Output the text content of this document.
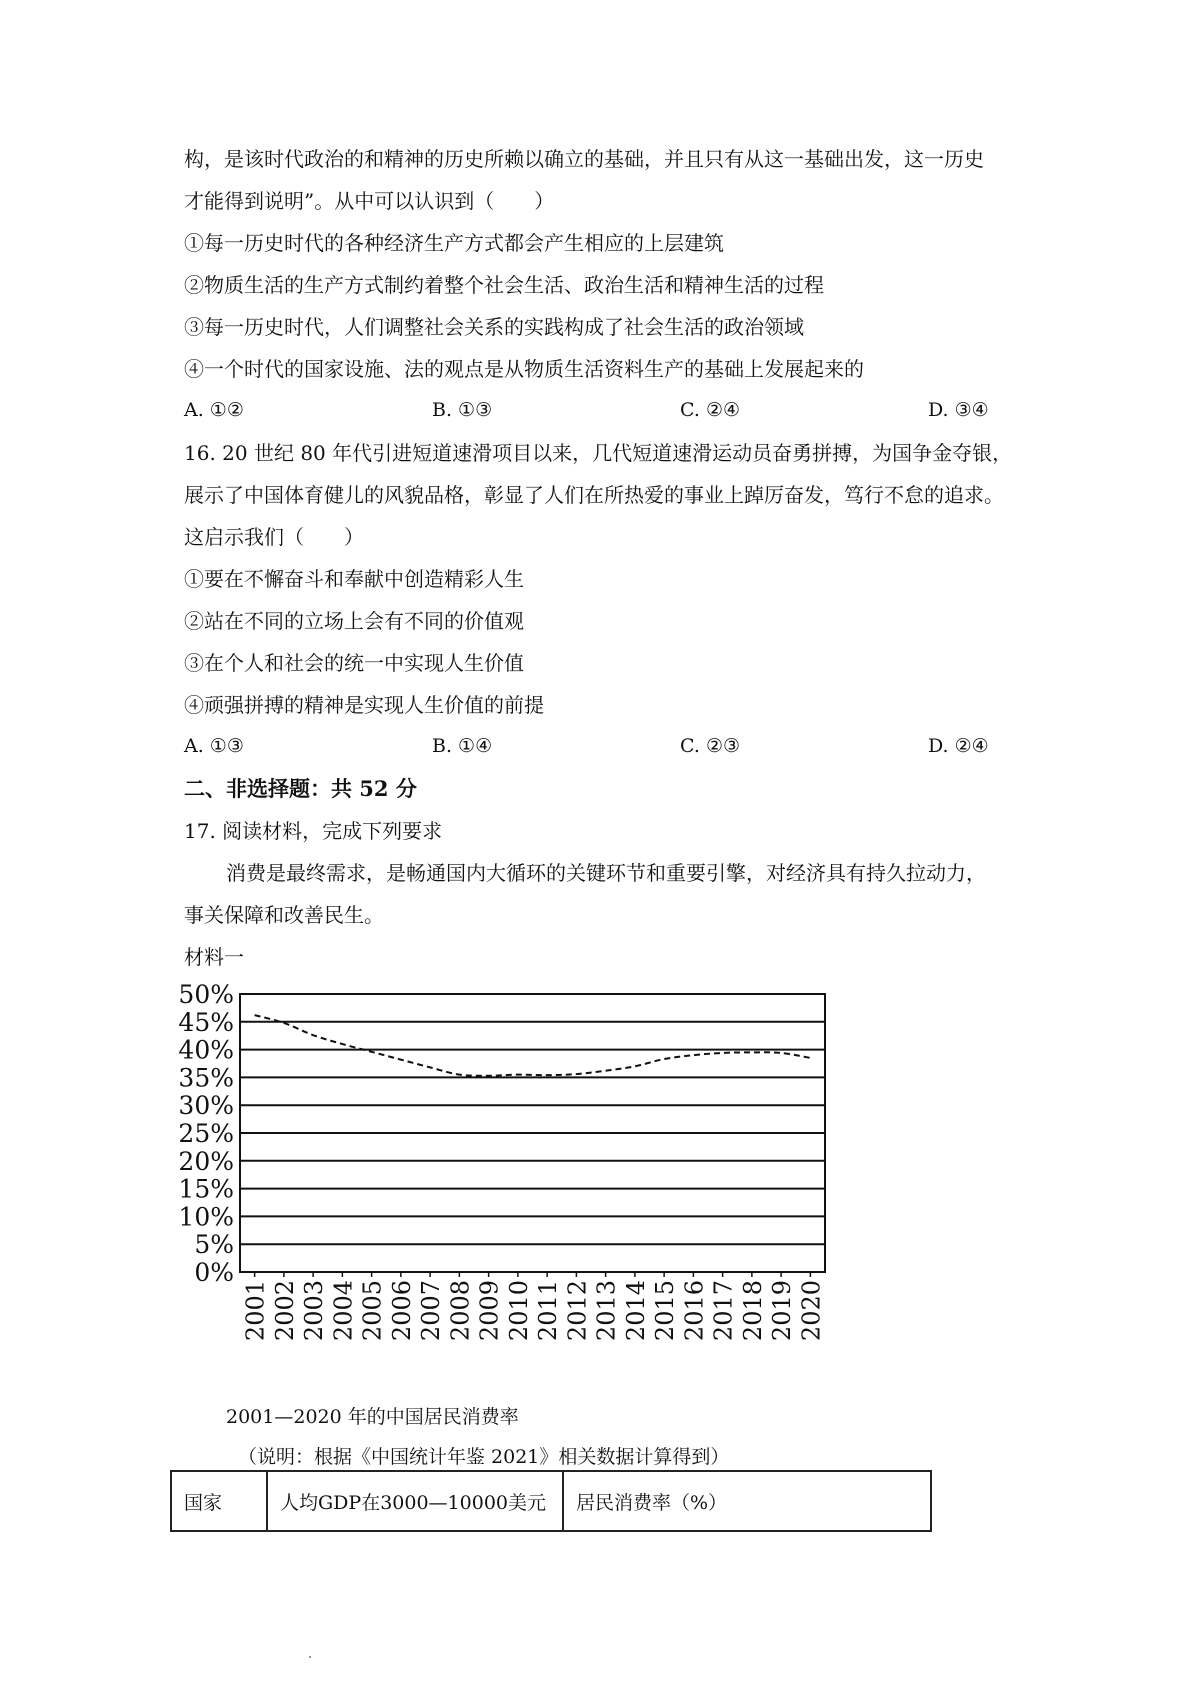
构，是该时代政治的和精神的历史所赖以确立的基础，并且只有从这一基础出发，这一历史
才能得到说明”。从中可以认识到（　　）
①每一历史时代的各种经济生产方式都会产生相应的上层建筑
②物质生活的生产方式制约着整个社会生活、政治生活和精神生活的过程
③每一历史时代，人们调整社会关系的实践构成了社会生活的政治领域
④一个时代的国家设施、法的观点是从物质生活资料生产的基础上发展起来的
A. ①②	B. ①③	C. ②④	D. ③④
16. 20 世纪 80 年代引进短道速滑项目以来，几代短道速滑运动员奋勇拼搏，为国争金夺银，
展示了中国体育健儿的风貌品格，彰显了人们在所热爱的事业上踔厉奋发，笃行不怠的追求。
这启示我们（　　）
①要在不懈奋斗和奉献中创造精彩人生
②站在不同的立场上会有不同的价值观
③在个人和社会的统一中实现人生价值
④顽强拼搏的精神是实现人生价值的前提
A. ①③	B. ①④	C. ②③	D. ②④
二、非选择题：共 52 分
17. 阅读材料，完成下列要求
消费是最终需求，是畅通国内大循环的关键环节和重要引擎，对经济具有持久拉动力，
事关保障和改善民生。
材料一
0%
5%
10%
15%
20%
25%
30%
35%
40%
45%
50%
2001 2002 2003 2004 2005 2006 2007 2008 2009 2010 2011 2012 2013 2014 2015 2016 2017 2018 2019 2020
2001—2020 年的中国居民消费率
（说明：根据《中国统计年鉴 2021》相关数据计算得到）
国家	人均GDP在3000—10000美元	居民消费率（%）
